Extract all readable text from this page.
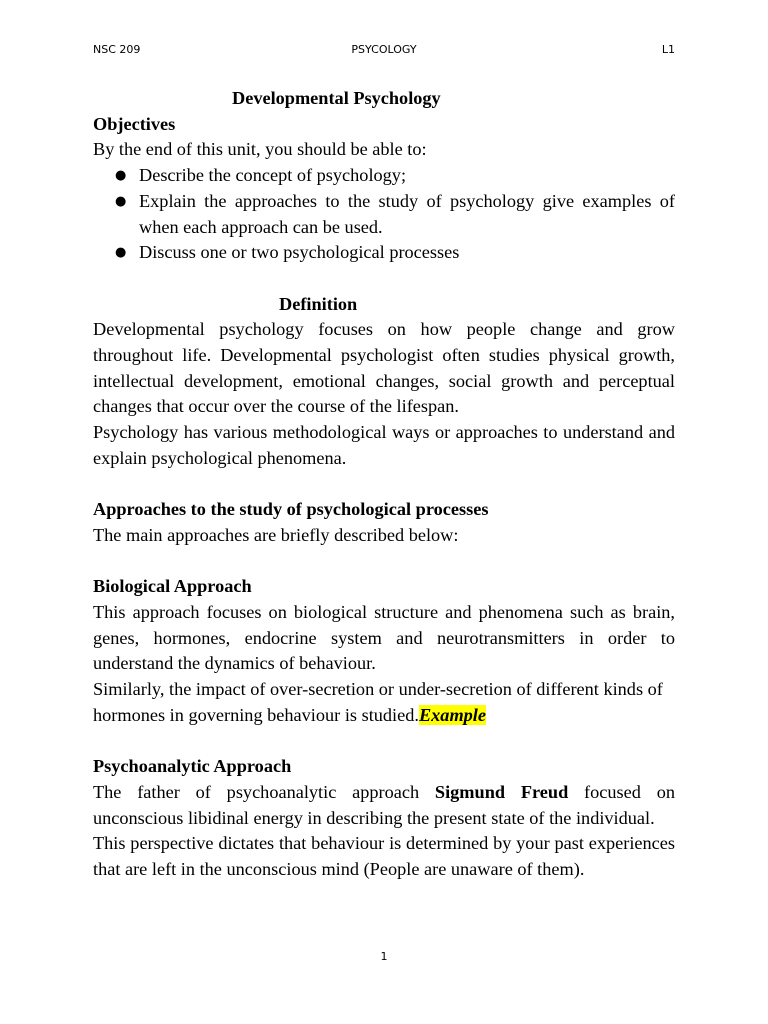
NSC 209	PSYCOLOGY	L1

Developmental Psychology

Objectives

By the end of this unit, you should be able to:

● Describe the concept of psychology;
● Explain the approaches to the study of psychology give examples of when each approach can be used.
● Discuss one or two psychological processes

Definition

Developmental psychology focuses on how people change and grow throughout life. Developmental psychologist often studies physical growth, intellectual development, emotional changes, social growth and perceptual changes that occur over the course of the lifespan.

Psychology has various methodological ways or approaches to understand and explain psychological phenomena.

Approaches to the study of psychological processes

The main approaches are briefly described below:

Biological Approach

This approach focuses on biological structure and phenomena such as brain, genes, hormones, endocrine system and neurotransmitters in order to understand the dynamics of behaviour.

Similarly, the impact of over-secretion or under-secretion of different kinds of hormones in governing behaviour is studied.Example

Psychoanalytic Approach

The father of psychoanalytic approach Sigmund Freud focused on unconscious libidinal energy in describing the present state of the individual.

This perspective dictates that behaviour is determined by your past experiences that are left in the unconscious mind (People are unaware of them).

1
